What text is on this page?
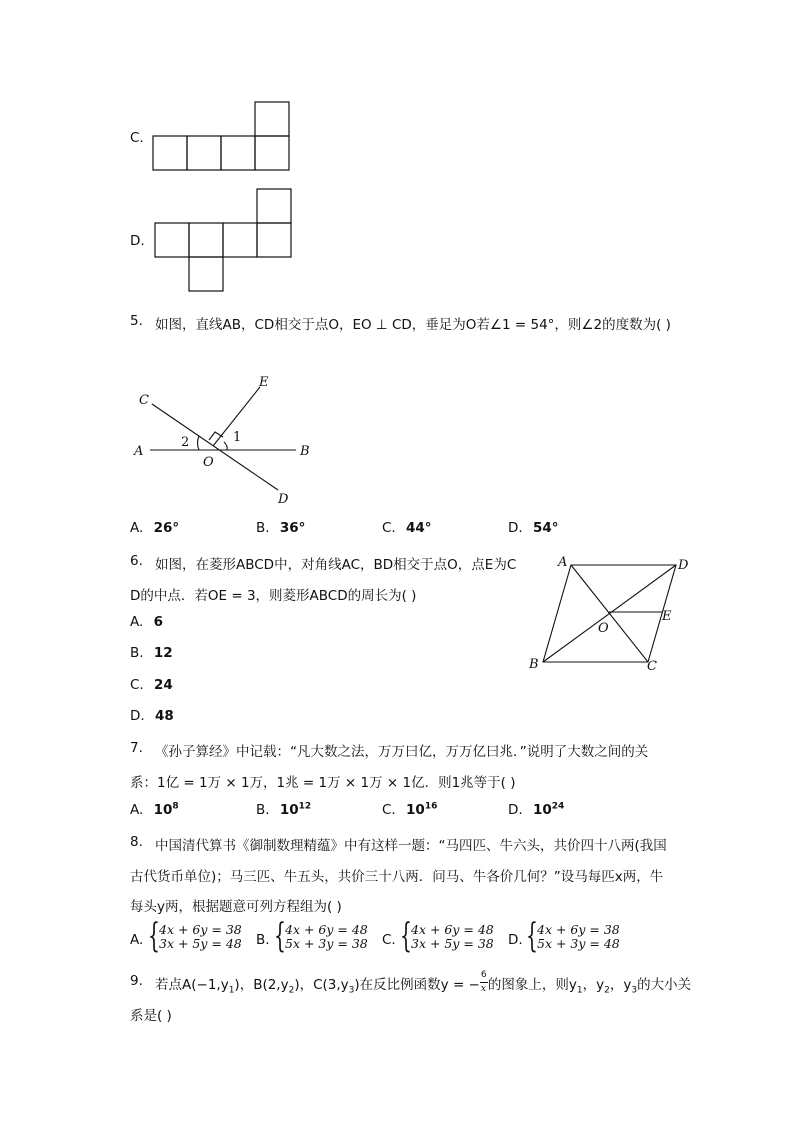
C.
D.
5. 如图，直线AB，CD相交于点O，EO ⊥ CD，垂足为O若∠1 = 54°，则∠2的度数为( )
A	B
C
D
E
O
1
2
A. 26°	B. 36°	C. 44°	D. 54°
6. 如图，在菱形ABCD中，对角线AC，BD相交于点O，点E为C
D的中点．若OE = 3，则菱形ABCD的周长为( )
A	D
E
O
B	C
A. 6
B. 12
C. 24
D. 48
7. 《孙子算经》中记载：“凡大数之法，万万曰亿，万万亿曰兆．”说明了大数之间的关
系：1亿 = 1万 × 1万，1兆 = 1万 × 1万 × 1亿．则1兆等于( )
A. $10^8$	B. $10^{12}$	C. $10^{16}$	D. $10^{24}$
8. 中国清代算书《御制数理精蕴》中有这样一题：“马四匹、牛六头，共价四十八两(我国
古代货币单位)；马三匹、牛五头，共价三十八两．问马、牛各价几何？”设马每匹x两，牛
每头y两，根据题意可列方程组为( )
A. { 4x + 6y = 38
3x + 5y = 48 B. { 4x + 6y = 48
5x + 3y = 38 C. { 4x + 6y = 48
3x + 5y = 38 D. { 4x + 6y = 38
5x + 3y = 48
9. 若点$A(-1,y_1)$，$B(2,y_2)$，$C(3,y_3)$在反比例函数y = − $\frac{6}{x}$ 的图象上，则$y_1$，$y_2$，$y_3$的大小关
系是( )
